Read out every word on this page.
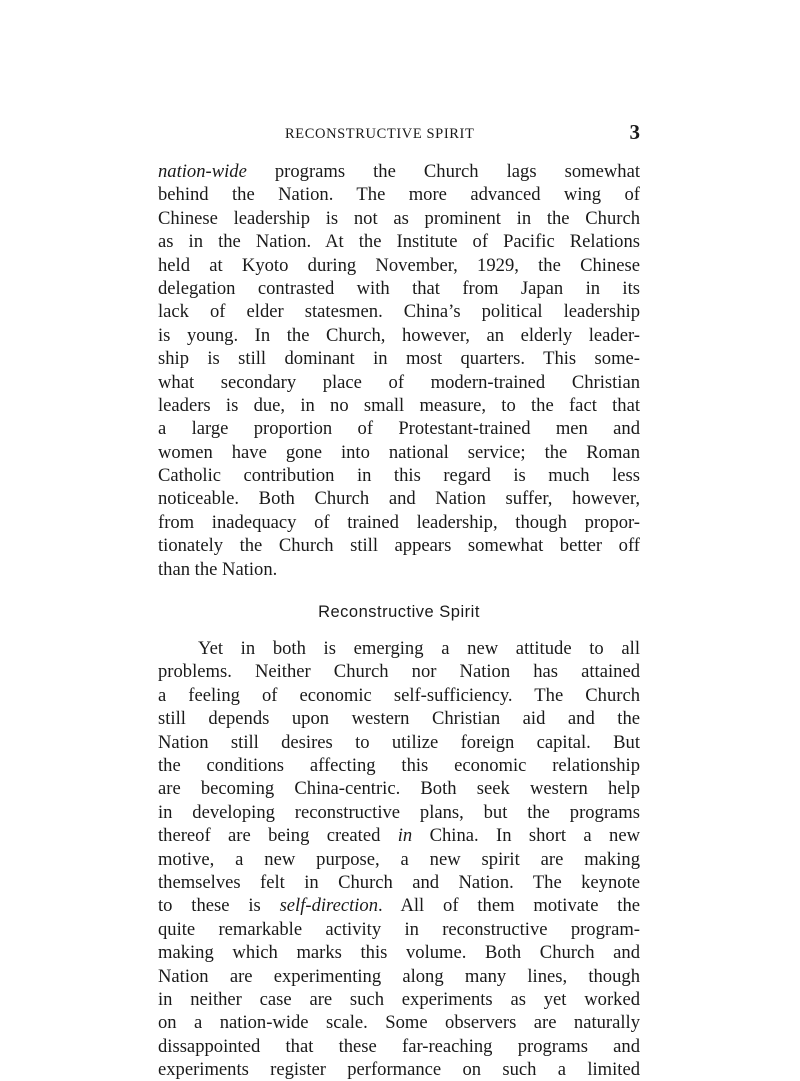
RECONSTRUCTIVE SPIRIT	3
nation-wide programs the Church lags somewhat
behind the Nation. The more advanced wing of
Chinese leadership is not as prominent in the Church
as in the Nation. At the Institute of Pacific Relations
held at Kyoto during November, 1929, the Chinese
delegation contrasted with that from Japan in its
lack of elder statesmen. China’s political leadership
is young. In the Church, however, an elderly leader-
ship is still dominant in most quarters. This some-
what secondary place of modern-trained Christian
leaders is due, in no small measure, to the fact that
a large proportion of Protestant-trained men and
women have gone into national service; the Roman
Catholic contribution in this regard is much less
noticeable. Both Church and Nation suffer, however,
from inadequacy of trained leadership, though propor-
tionately the Church still appears somewhat better off
than the Nation.
Reconstructive Spirit
Yet in both is emerging a new attitude to all
problems. Neither Church nor Nation has attained
a feeling of economic self-sufficiency. The Church
still depends upon western Christian aid and the
Nation still desires to utilize foreign capital. But
the conditions affecting this economic relationship
are becoming China-centric. Both seek western help
in developing reconstructive plans, but the programs
thereof are being created in China. In short a new
motive, a new purpose, a new spirit are making
themselves felt in Church and Nation. The keynote
to these is self-direction. All of them motivate the
quite remarkable activity in reconstructive program-
making which marks this volume. Both Church and
Nation are experimenting along many lines, though
in neither case are such experiments as yet worked
on a nation-wide scale. Some observers are naturally
dissappointed that these far-reaching programs and
experiments register performance on such a limited
